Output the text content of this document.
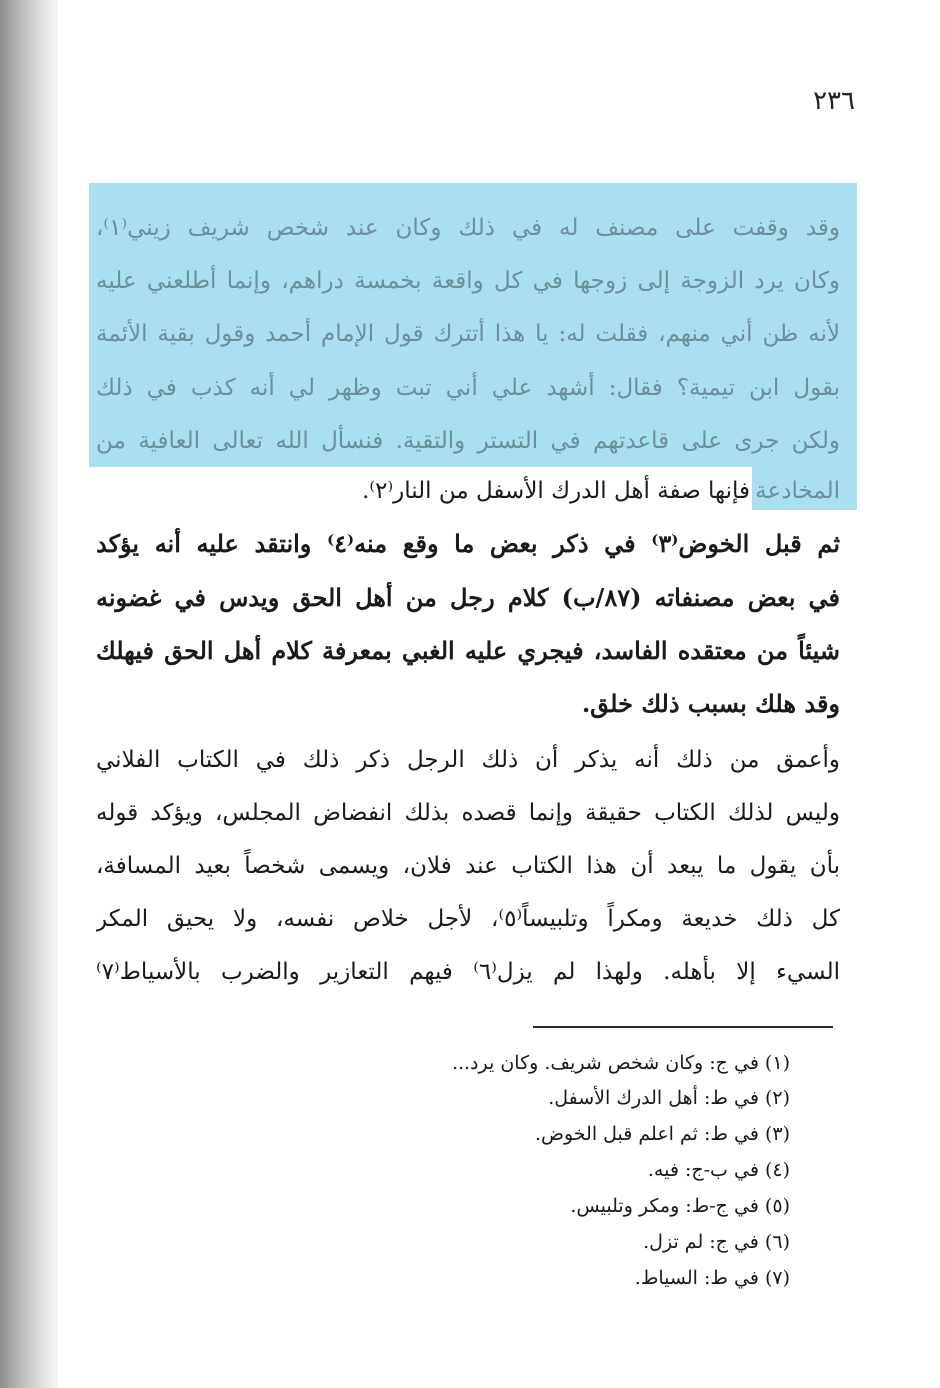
٢٣٦
وقد وقفت على مصنف له في ذلك وكان عند شخص شريف زيني⁽١⁾،
وكان يرد الزوجة إلى زوجها في كل واقعة بخمسة دراهم، وإنما أطلعني عليه
لأنه ظن أني منهم، فقلت له: يا هذا أتترك قول الإمام أحمد وقول بقية الأئمة
بقول ابن تيمية؟ فقال: أشهد علي أني تبت وظهر لي أنه كذب في ذلك
ولكن جرى على قاعدتهم في التستر والتقية. فنسأل الله تعالى العافية من
المخادعة فإنها صفة أهل الدرك الأسفل من النار⁽٢⁾.
ثم قبل الخوض⁽٣⁾ في ذكر بعض ما وقع منه⁽٤⁾ وانتقد عليه أنه يؤكد
في بعض مصنفاته (٨٧/ب) كلام رجل من أهل الحق ويدس في غضونه
شيئاً من معتقده الفاسد، فيجري عليه الغبي بمعرفة كلام أهل الحق فيهلك
وقد هلك بسبب ذلك خلق.
وأعمق من ذلك أنه يذكر أن ذلك الرجل ذكر ذلك في الكتاب الفلاني
وليس لذلك الكتاب حقيقة وإنما قصده بذلك انفضاض المجلس، ويؤكد قوله
بأن يقول ما يبعد أن هذا الكتاب عند فلان، ويسمى شخصاً بعيد المسافة،
كل ذلك خديعة ومكراً وتلبيساً⁽٥⁾، لأجل خلاص نفسه، ولا يحيق المكر
السيء إلا بأهله. ولهذا لم يزل⁽٦⁾ فيهم التعازير والضرب بالأسياط⁽٧⁾
(١) في ج: وكان شخص شريف. وكان يرد...
(٢) في ط: أهل الدرك الأسفل.
(٣) في ط: ثم اعلم قبل الخوض.
(٤) في ب-ج: فيه.
(٥) في ج-ط: ومكر وتلبيس.
(٦) في ج: لم تزل.
(٧) في ط: السياط.
